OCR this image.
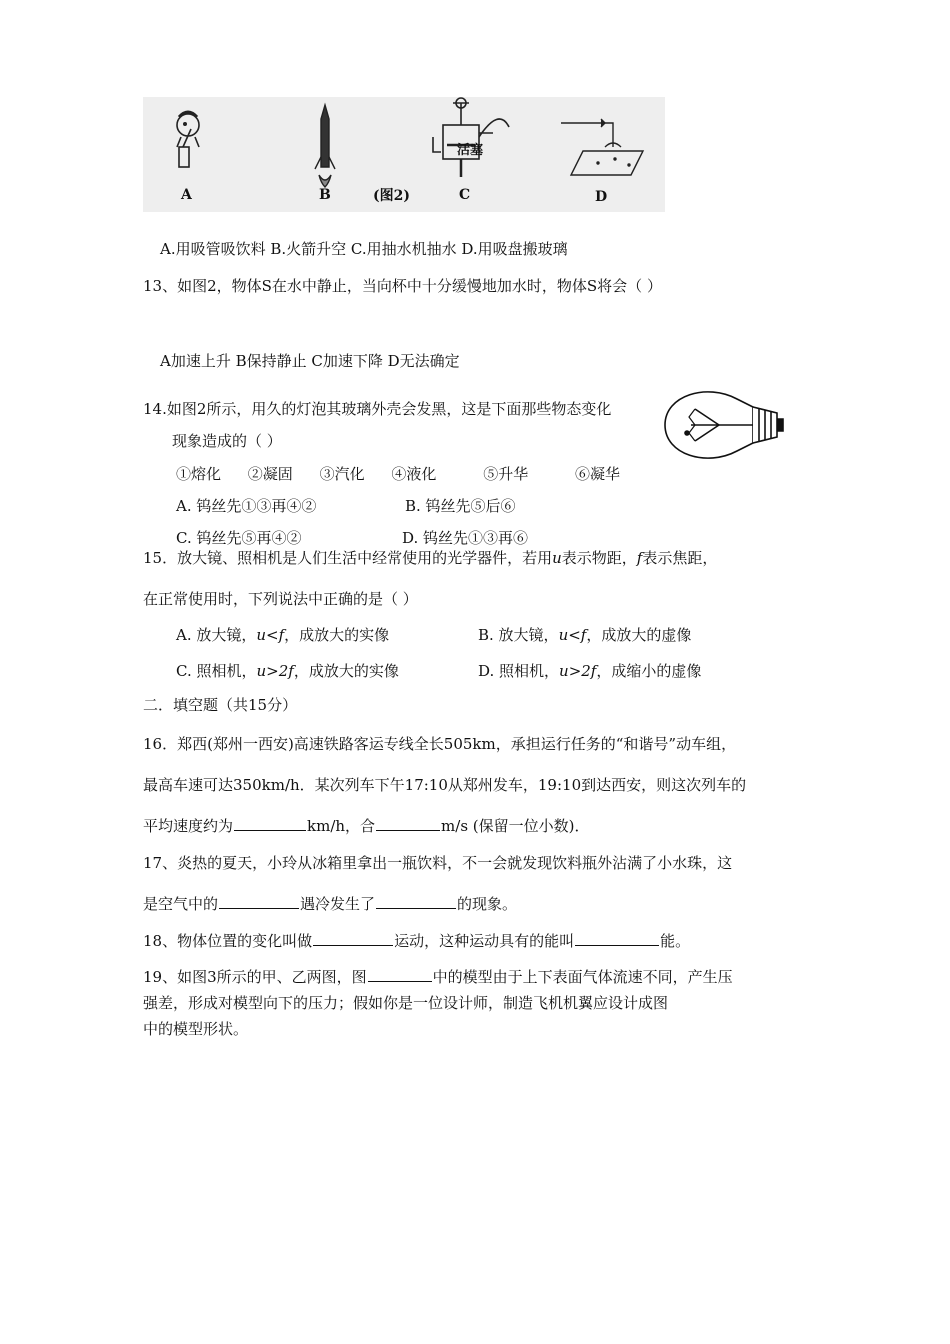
活塞
A	B	(图2)	C	D
A.用吸管吸饮料 B.火箭升空 C.用抽水机抽水 D.用吸盘搬玻璃
13、如图2，物体S在水中静止，当向杯中十分缓慢地加水时，物体S将会（ ）
A加速上升 B保持静止 C加速下降 D无法确定
14.如图2所示，用久的灯泡其玻璃外壳会发黑，这是下面那些物态变化
现象造成的（ ）
①熔化 ②凝固 ③汽化 ④液化	⑤升华	⑥凝华
A. 钨丝先①③再④②	B. 钨丝先⑤后⑥
C. 钨丝先⑤再④②	D. 钨丝先①③再⑥
15．放大镜、照相机是人们生活中经常使用的光学器件，若用u表示物距，f表示焦距，
在正常使用时，下列说法中正确的是（ ）
A. 放大镜，u<f，成放大的实像	B. 放大镜，u<f，成放大的虚像
C. 照相机，u>2f，成放大的实像	D. 照相机，u>2f，成缩小的虚像
二．填空题（共15分）
16．郑西(郑州一西安)高速铁路客运专线全长505km，承担运行任务的“和谐号”动车组，
最高车速可达350km/h．某次列车下午17:10从郑州发车，19:10到达西安，则这次列车的
平均速度约为	km/h，合	m/s (保留一位小数)．
17、炎热的夏天，小玲从冰箱里拿出一瓶饮料，不一会就发现饮料瓶外沾满了小水珠，这
是空气中的	遇冷发生了	的现象。
18、物体位置的变化叫做	运动，这种运动具有的能叫	能。
19、如图3所示的甲、乙两图，图	中的模型由于上下表面气体流速不同，产生压
强差，形成对模型向下的压力；假如你是一位设计师，制造飞机机翼应设计成图
中的模型形状。
